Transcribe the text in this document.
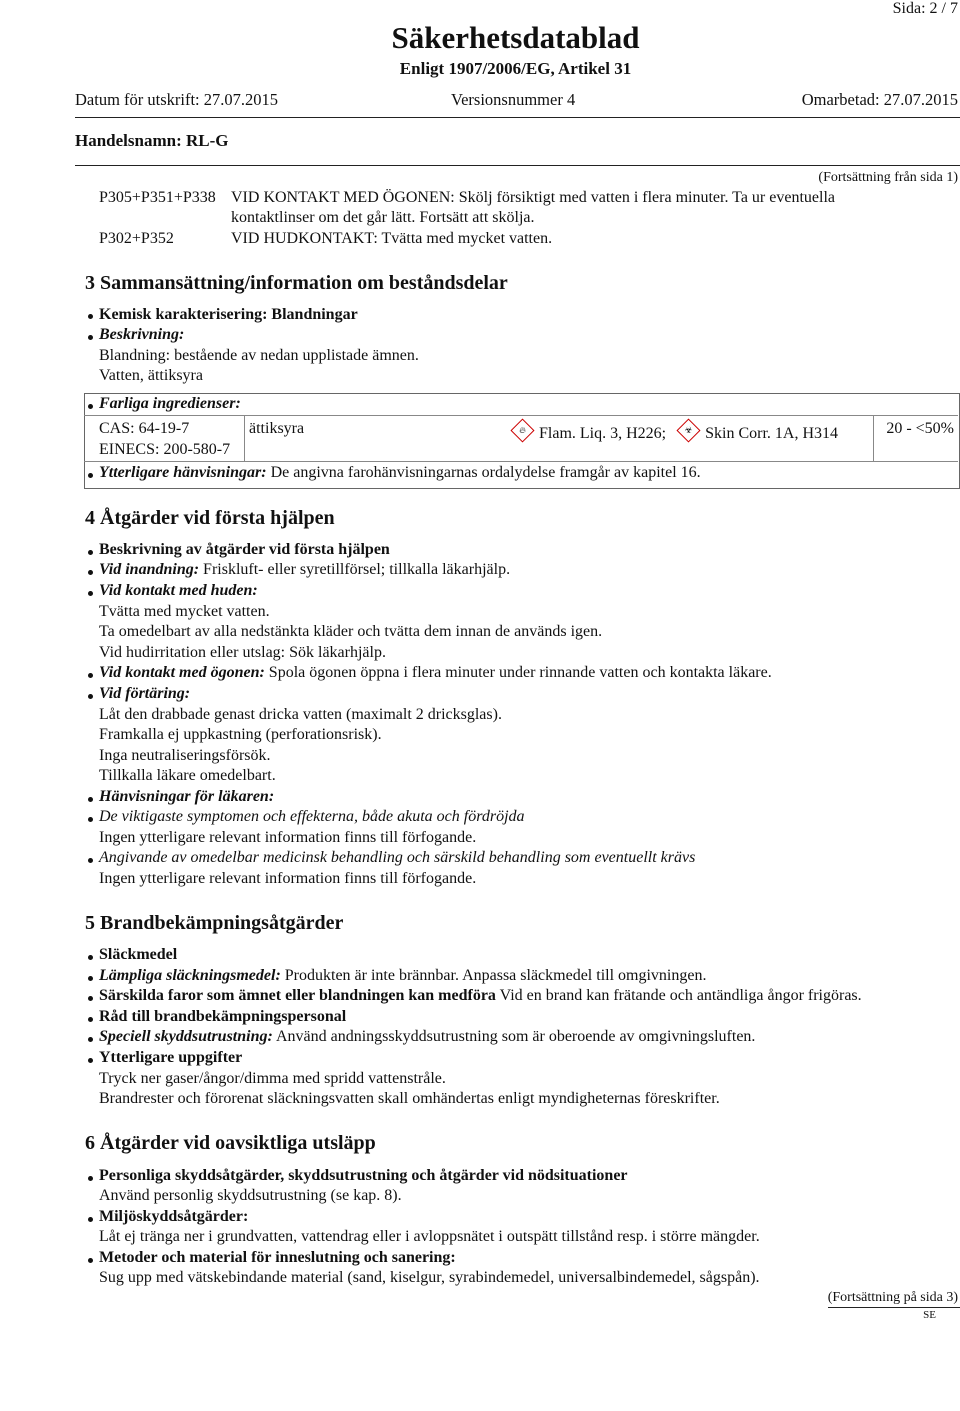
Sida: 2 / 7
Säkerhetsdatablad
Enligt 1907/2006/EG, Artikel 31
Datum för utskrift: 27.07.2015	Versionsnummer 4	Omarbetad: 27.07.2015
Handelsnamn: RL-G
(Fortsättning från sida 1)
P305+P351+P338 VID KONTAKT MED ÖGONEN: Skölj försiktigt med vatten i flera minuter. Ta ur eventuella
kontaktlinser om det går lätt. Fortsätt att skölja.
P302+P352	VID HUDKONTAKT: Tvätta med mycket vatten.
3 Sammansättning/information om beståndsdelar
Kemisk karakterisering: Blandningar
Beskrivning:
Blandning: bestående av nedan upplistade ämnen.
Vatten, ättiksyra
Farliga ingredienser:
CAS: 64-19-7
EINECS: 200-580-7
ättiksyra	🔥︎ Flam. Liq. 3, H226;	☣ Skin Corr. 1A, H314	20 - <50%
Ytterligare hänvisningar: De angivna farohänvisningarnas ordalydelse framgår av kapitel 16.
4 Åtgärder vid första hjälpen
Beskrivning av åtgärder vid första hjälpen
Vid inandning: Friskluft- eller syretillförsel; tillkalla läkarhjälp.
Vid kontakt med huden:
Tvätta med mycket vatten.
Ta omedelbart av alla nedstänkta kläder och tvätta dem innan de används igen.
Vid hudirritation eller utslag: Sök läkarhjälp.
Vid kontakt med ögonen: Spola ögonen öppna i flera minuter under rinnande vatten och kontakta läkare.
Vid förtäring:
Låt den drabbade genast dricka vatten (maximalt 2 dricksglas).
Framkalla ej uppkastning (perforationsrisk).
Inga neutraliseringsförsök.
Tillkalla läkare omedelbart.
Hänvisningar för läkaren:
De viktigaste symptomen och effekterna, både akuta och fördröjda
Ingen ytterligare relevant information finns till förfogande.
Angivande av omedelbar medicinsk behandling och särskild behandling som eventuellt krävs
Ingen ytterligare relevant information finns till förfogande.
5 Brandbekämpningsåtgärder
Släckmedel
Lämpliga släckningsmedel: Produkten är inte brännbar. Anpassa släckmedel till omgivningen.
Särskilda faror som ämnet eller blandningen kan medföra Vid en brand kan frätande och antändliga ångor frigöras.
Råd till brandbekämpningspersonal
Speciell skyddsutrustning: Använd andningsskyddsutrustning som är oberoende av omgivningsluften.
Ytterligare uppgifter
Tryck ner gaser/ångor/dimma med spridd vattenstråle.
Brandrester och förorenat släckningsvatten skall omhändertas enligt myndigheternas föreskrifter.
6 Åtgärder vid oavsiktliga utsläpp
Personliga skyddsåtgärder, skyddsutrustning och åtgärder vid nödsituationer
Använd personlig skyddsutrustning (se kap. 8).
Miljöskyddsåtgärder:
Låt ej tränga ner i grundvatten, vattendrag eller i avloppsnätet i outspätt tillstånd resp. i större mängder.
Metoder och material för inneslutning och sanering:
Sug upp med vätskebindande material (sand, kiselgur, syrabindemedel, universalbindemedel, sågspån).
(Fortsättning på sida 3)
SE
